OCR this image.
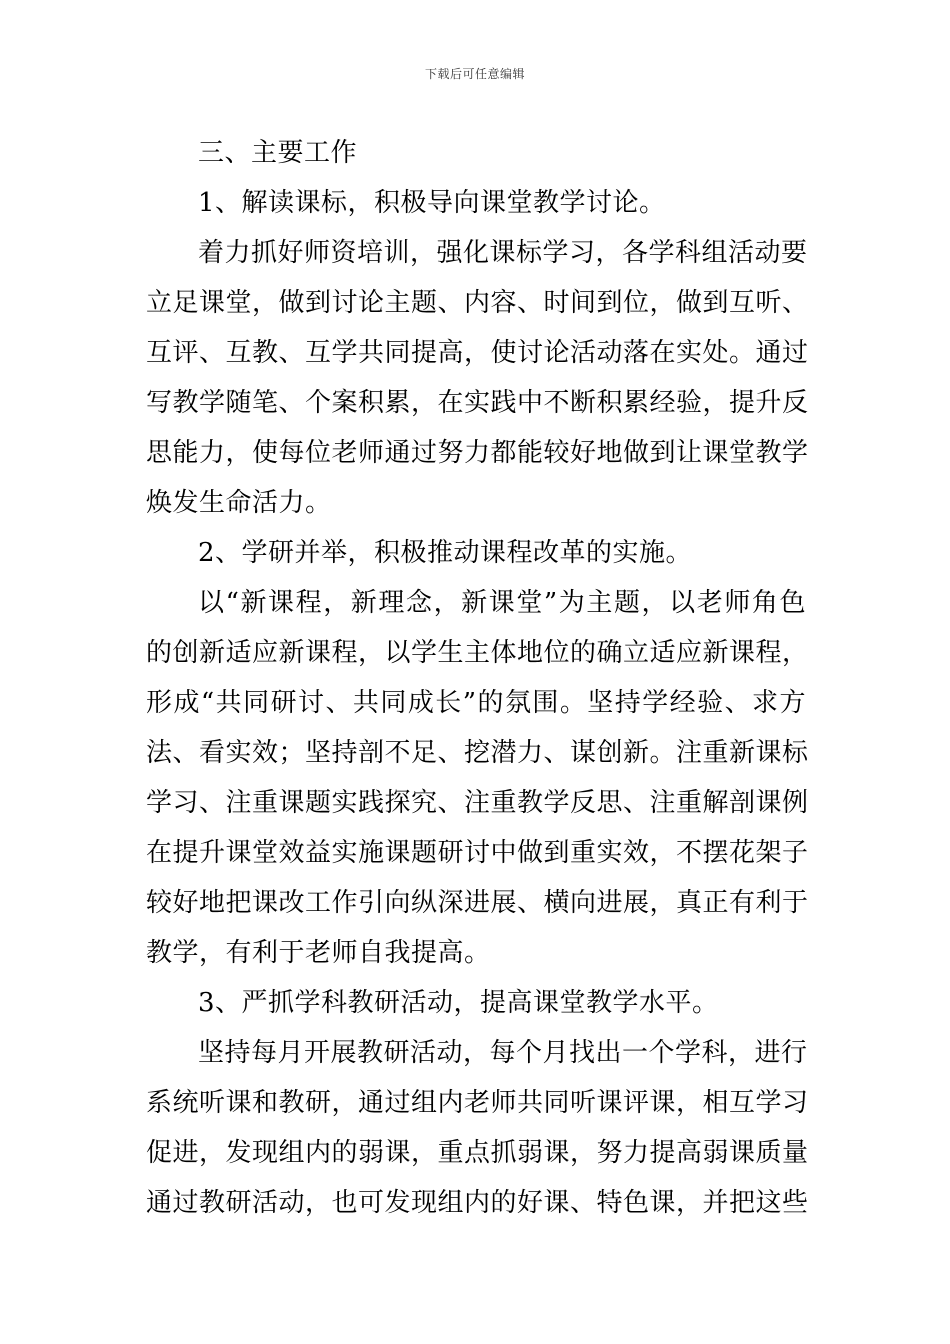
下载后可任意编辑
三、主要工作
1、解读课标，积极导向课堂教学讨论。
着力抓好师资培训，强化课标学习，各学科组活动要
立足课堂，做到讨论主题、内容、时间到位，做到互听、
互评、互教、互学共同提高，使讨论活动落在实处。通过
写教学随笔、个案积累，在实践中不断积累经验，提升反
思能力，使每位老师通过努力都能较好地做到让课堂教学
焕发生命活力。
2、学研并举，积极推动课程改革的实施。
以“新课程，新理念，新课堂”为主题，以老师角色
的创新适应新课程，以学生主体地位的确立适应新课程，
形成“共同研讨、共同成长”的氛围。坚持学经验、求方
法、看实效；坚持剖不足、挖潜力、谋创新。注重新课标
学习、注重课题实践探究、注重教学反思、注重解剖课例
在提升课堂效益实施课题研讨中做到重实效，不摆花架子
较好地把课改工作引向纵深进展、横向进展，真正有利于
教学，有利于老师自我提高。
3、严抓学科教研活动，提高课堂教学水平。
坚持每月开展教研活动，每个月找出一个学科，进行
系统听课和教研，通过组内老师共同听课评课，相互学习
促进，发现组内的弱课，重点抓弱课，努力提高弱课质量
通过教研活动，也可发现组内的好课、特色课，并把这些
